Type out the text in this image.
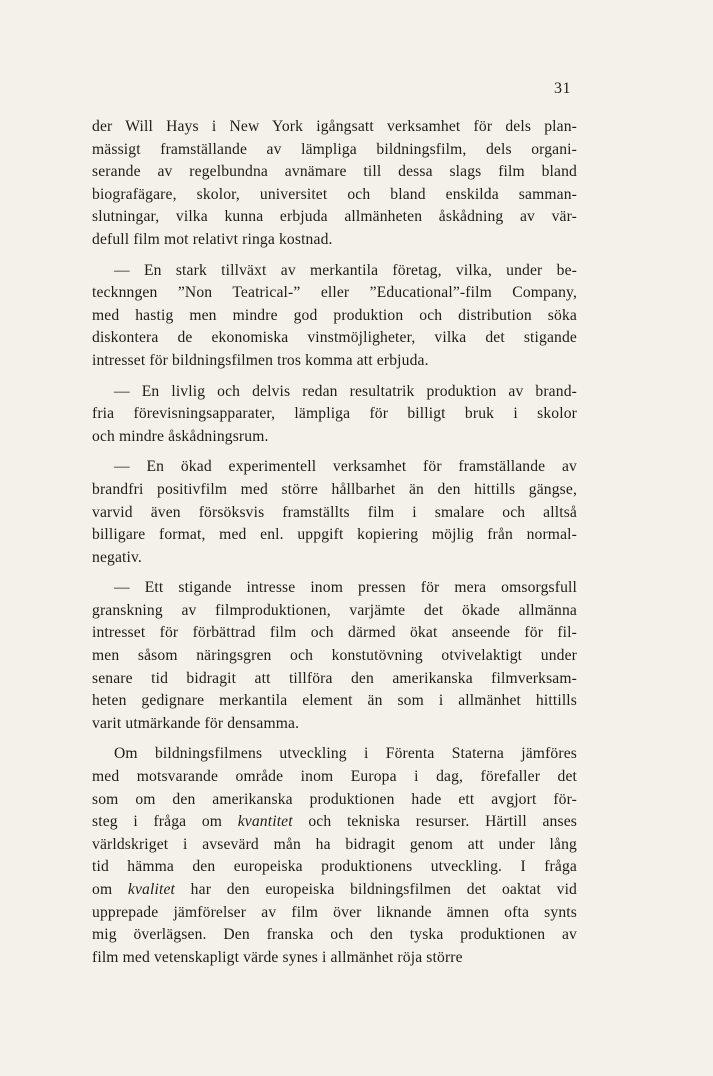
31
der Will Hays i New York igångsatt verksamhet för dels plan-
mässigt framställande av lämpliga bildningsfilm, dels organi-
serande av regelbundna avnämare till dessa slags film bland
biografägare, skolor, universitet och bland enskilda samman-
slutningar, vilka kunna erbjuda allmänheten åskådning av vär-
defull film mot relativt ringa kostnad.
— En stark tillväxt av merkantila företag, vilka, under be-
tecknngen ”Non Teatrical-” eller ”Educational”-film Company,
med hastig men mindre god produktion och distribution söka
diskontera de ekonomiska vinstmöjligheter, vilka det stigande
intresset för bildningsfilmen tros komma att erbjuda.
— En livlig och delvis redan resultatrik produktion av brand-
fria förevisningsapparater, lämpliga för billigt bruk i skolor
och mindre åskådningsrum.
— En ökad experimentell verksamhet för framställande av
brandfri positivfilm med större hållbarhet än den hittills gängse,
varvid även försöksvis framställts film i smalare och alltså
billigare format, med enl. uppgift kopiering möjlig från normal-
negativ.
— Ett stigande intresse inom pressen för mera omsorgsfull
granskning av filmproduktionen, varjämte det ökade allmänna
intresset för förbättrad film och därmed ökat anseende för fil-
men såsom näringsgren och konstutövning otvivelaktigt under
senare tid bidragit att tillföra den amerikanska filmverksam-
heten gedignare merkantila element än som i allmänhet hittills
varit utmärkande för densamma.
Om bildningsfilmens utveckling i Förenta Staterna jämföres
med motsvarande område inom Europa i dag, förefaller det
som om den amerikanska produktionen hade ett avgjort för-
steg i fråga om kvantitet och tekniska resurser. Härtill anses
världskriget i avsevärd mån ha bidragit genom att under lång
tid hämma den europeiska produktionens utveckling. I fråga
om kvalitet har den europeiska bildningsfilmen det oaktat vid
upprepade jämförelser av film över liknande ämnen ofta synts
mig överlägsen. Den franska och den tyska produktionen av
film med vetenskapligt värde synes i allmänhet röja större
